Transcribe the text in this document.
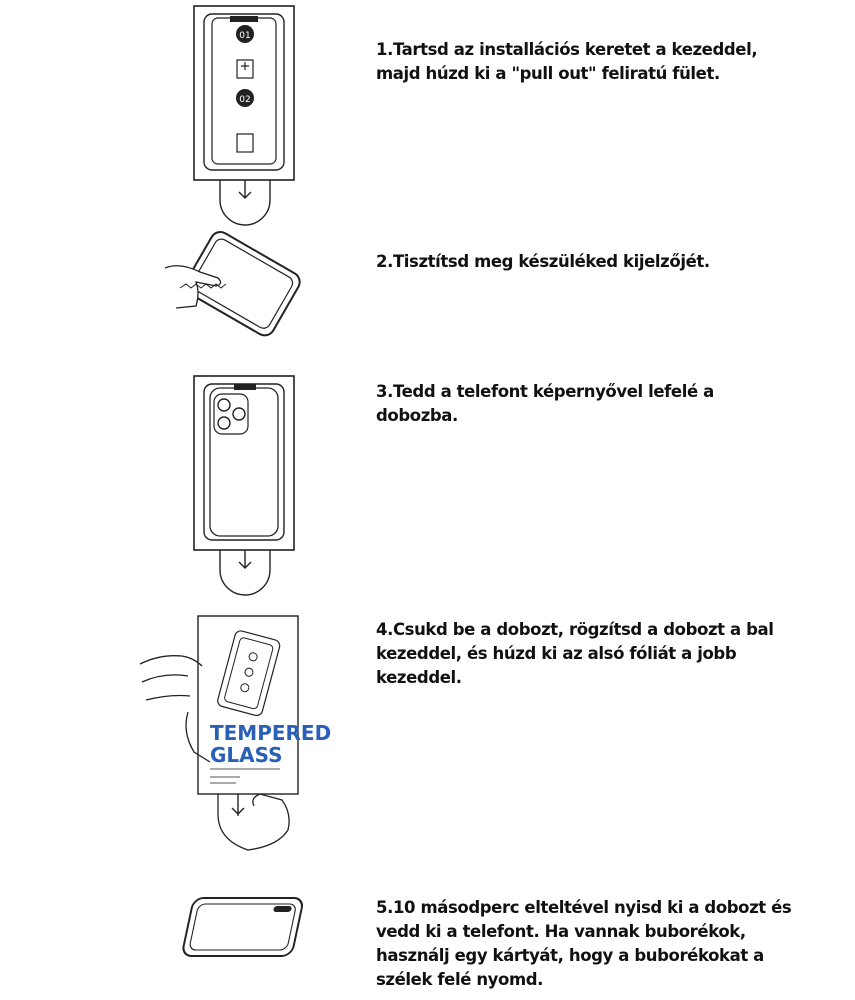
01
02
1.Tartsd az installációs keretet a kezeddel,
majd húzd ki a "pull out" feliratú fület.
2.Tisztítsd meg készüléked kijelzőjét.
3.Tedd a telefont képernyővel lefelé a
dobozba.
TEMPERED
GLASS
4.Csukd be a dobozt, rögzítsd a dobozt a bal
kezeddel, és húzd ki az alsó fóliát a jobb
kezeddel.
5.10 másodperc elteltével nyisd ki a dobozt és
vedd ki a telefont. Ha vannak buborékok,
használj egy kártyát, hogy a buborékokat a
szélek felé nyomd.
